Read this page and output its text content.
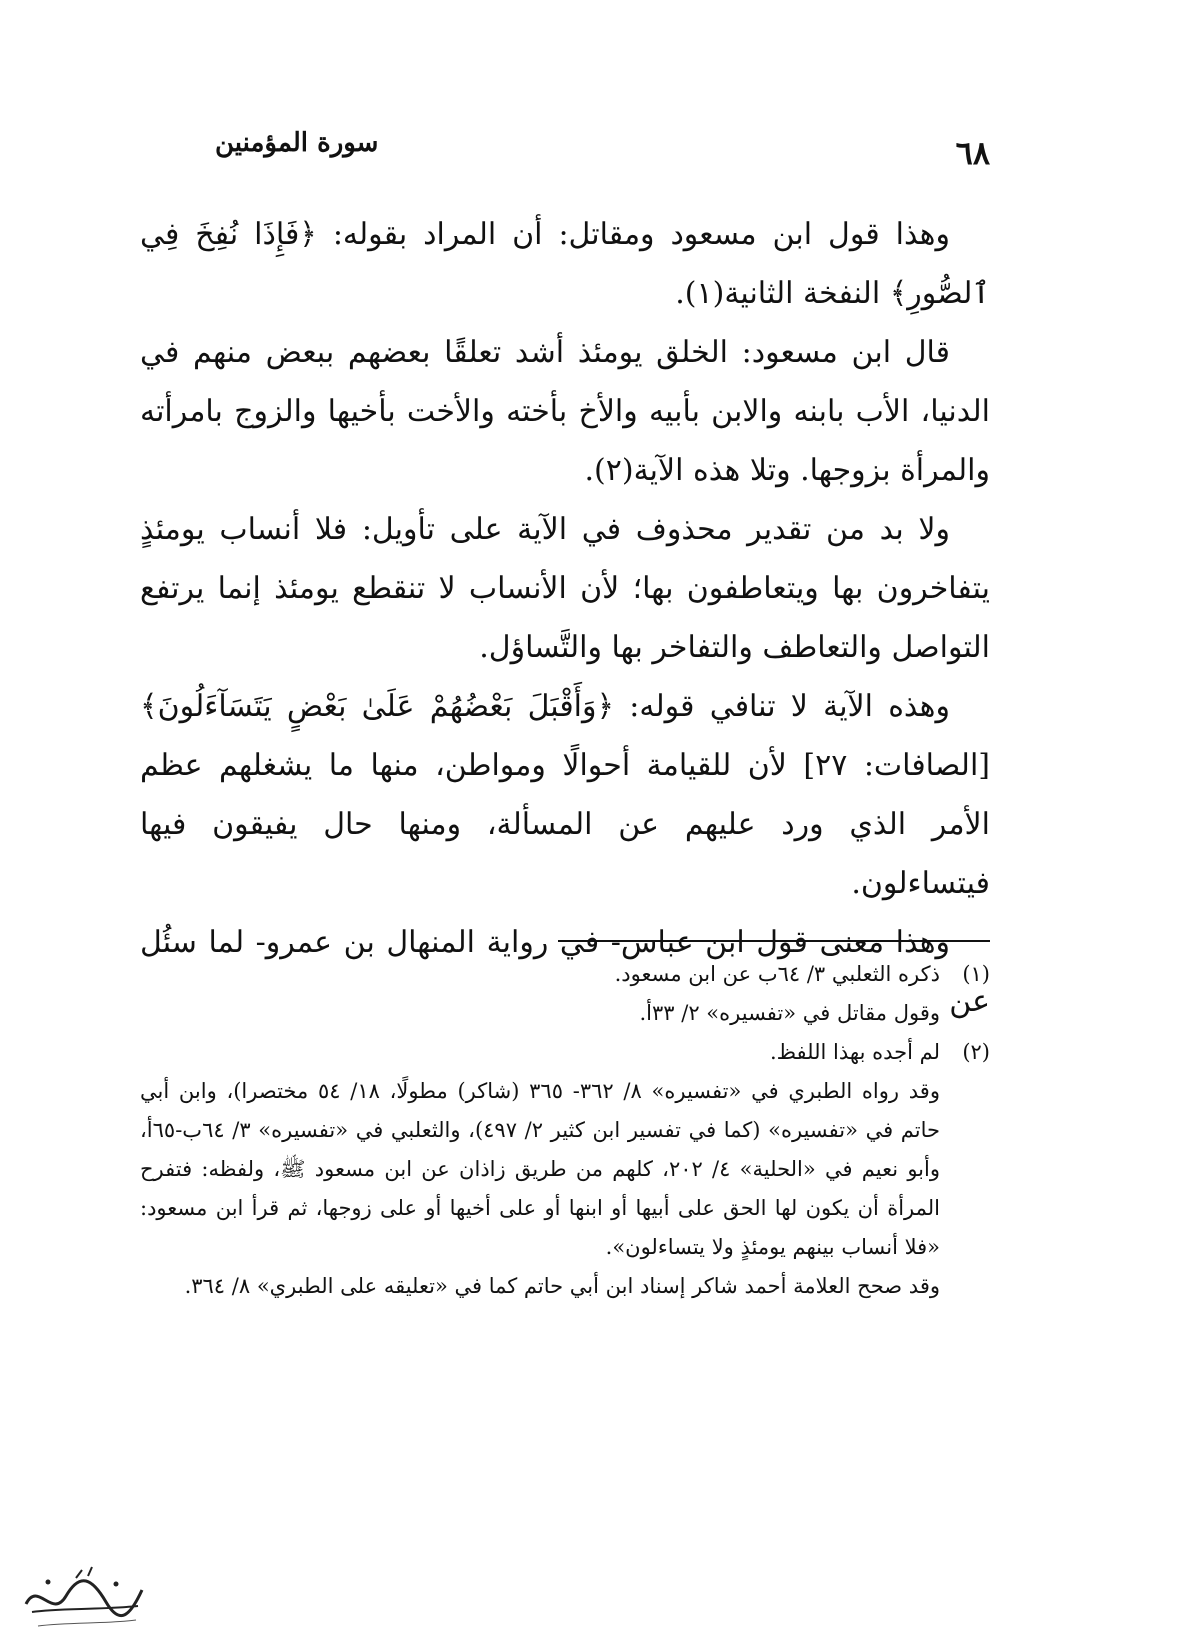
سورة المؤمنين	٦٨

وهذا قول ابن مسعود ومقاتل: أن المراد بقوله: ﴿فَإِذَا نُفِخَ فِي ٱلصُّورِ﴾ النفخة الثانية(١).

قال ابن مسعود: الخلق يومئذ أشد تعلقًا بعضهم ببعض منهم في الدنيا، الأب بابنه والابن بأبيه والأخ بأخته والأخت بأخيها والزوج بامرأته والمرأة بزوجها. وتلا هذه الآية(٢).

ولا بد من تقدير محذوف في الآية على تأويل: فلا أنساب يومئذٍ يتفاخرون بها ويتعاطفون بها؛ لأن الأنساب لا تنقطع يومئذ إنما يرتفع التواصل والتعاطف والتفاخر بها والتَّساؤل.

وهذه الآية لا تنافي قوله: ﴿وَأَقْبَلَ بَعْضُهُمْ عَلَىٰ بَعْضٍ يَتَسَآءَلُونَ﴾ [الصافات: ٢٧] لأن للقيامة أحوالًا ومواطن، منها ما يشغلهم عظم الأمر الذي ورد عليهم عن المسألة، ومنها حال يفيقون فيها فيتساءلون.

وهذا معنى قول ابن عباس- في رواية المنهال بن عمرو- لما سئُل عن

(١)ذكره الثعلبي ٣/ ٦٤ب عن ابن مسعود.

وقول مقاتل في «تفسيره» ٢/ ٣٣أ.

(٢)لم أجده بهذا اللفظ.

وقد رواه الطبري في «تفسيره» ٨/ ٣٦٢- ٣٦٥ (شاكر) مطولًا، ١٨/ ٥٤ مختصرا)، وابن أبي حاتم في «تفسيره» (كما في تفسير ابن كثير ٢/ ٤٩٧)، والثعلبي في «تفسيره» ٣/ ٦٤ب-٦٥أ، وأبو نعيم في «الحلية» ٤/ ٢٠٢، كلهم من طريق زاذان عن ابن مسعود ﷺ، ولفظه: فتفرح المرأة أن يكون لها الحق على أبيها أو ابنها أو على أخيها أو على زوجها، ثم قرأ ابن مسعود: «فلا أنساب بينهم يومئذٍ ولا يتساءلون».

وقد صحح العلامة أحمد شاكر إسناد ابن أبي حاتم كما في «تعليقه على الطبري» ٨/ ٣٦٤.
